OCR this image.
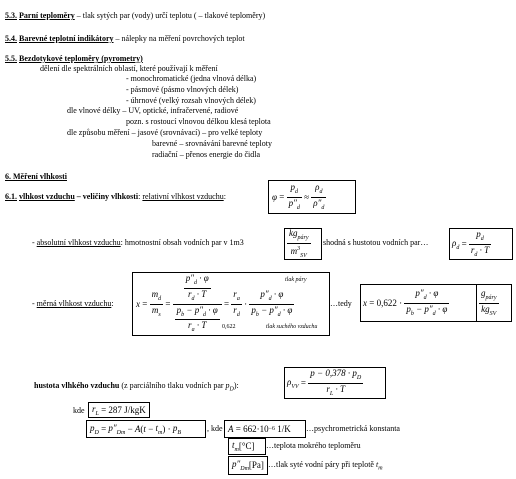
5.3. Parní teploměry – tlak sytých par (vody) určí teplotu ( – tlakové teploměry)
5.4. Barevné teplotní indikátory – nálepky na měření povrchových teplot
5.5. Bezdotykové teploměry (pyrometry)
dělení dle spektrálních oblastí, které používají k měření
- monochromatické (jedna vlnová délka)
- pásmové (pásmo vlnových délek)
- úhrnové (velký rozsah vlnových délek)
dle vlnové délky – UV, optické, infračervené, radiové
pozn. s rostoucí vlnovou délkou klesá teplota
dle způsobu měření – jasové (srovnávací) – pro velké teploty
barevné – srovnávání barevné teploty
radiační – přenos energie do čidla
6. Měření vlhkosti
6.1. vlhkost vzduchu – veličiny vlhkosti: relativní vlhkost vzduchu:	$\varphi = \frac{p_d}{p''_d} \approx \frac{\rho_d}{\rho''_d}$
- absolutní vlhkost vzduchu: hmotnostní obsah vodních par v 1m3	$\frac{kg_{páry}}{m^3_{SV}}$ shodná s hustotou vodních par…	$\rho_d = \frac{p_d}{r_d \cdot T}$
- měrná vlhkost vzduchu: $x = \frac{m_d}{m_s} = \frac{\frac{p''_d \cdot \varphi}{r_d \cdot T}}{\frac{p_b - p''_d \cdot \varphi}{r_a \cdot T}} = \frac{r_a}{r_d} \cdot \frac{p''_d \cdot \varphi}{p_b - p''_d \cdot \varphi}$
tlak páry
tlak suchého vzduchu
0,622
…tedy $x = 0,622 \cdot \frac{p''_d \cdot \varphi}{p_b - p''_d \cdot \varphi}$	$\frac{g_{páry}}{kg_{SV}}$
hustota vlhkého vzduchu (z parciálního tlaku vodních par $p_D$):	$\rho_{VV} = \frac{p - 0,378 \cdot p_D}{r_L \cdot T}$
kde $r_L = 287$ J/kgK
$p_D = p''_{Dm} - A$ ( $t - t_m$ ) · $p_B$	, kde A = 662·10 −6 1/K …psychrometrická konstanta
$t_m$ [°C] …teplota mokrého teploměru
$p''_{Dm}$ [Pa] …tlak syté vodní páry při teplotě $t_m$
